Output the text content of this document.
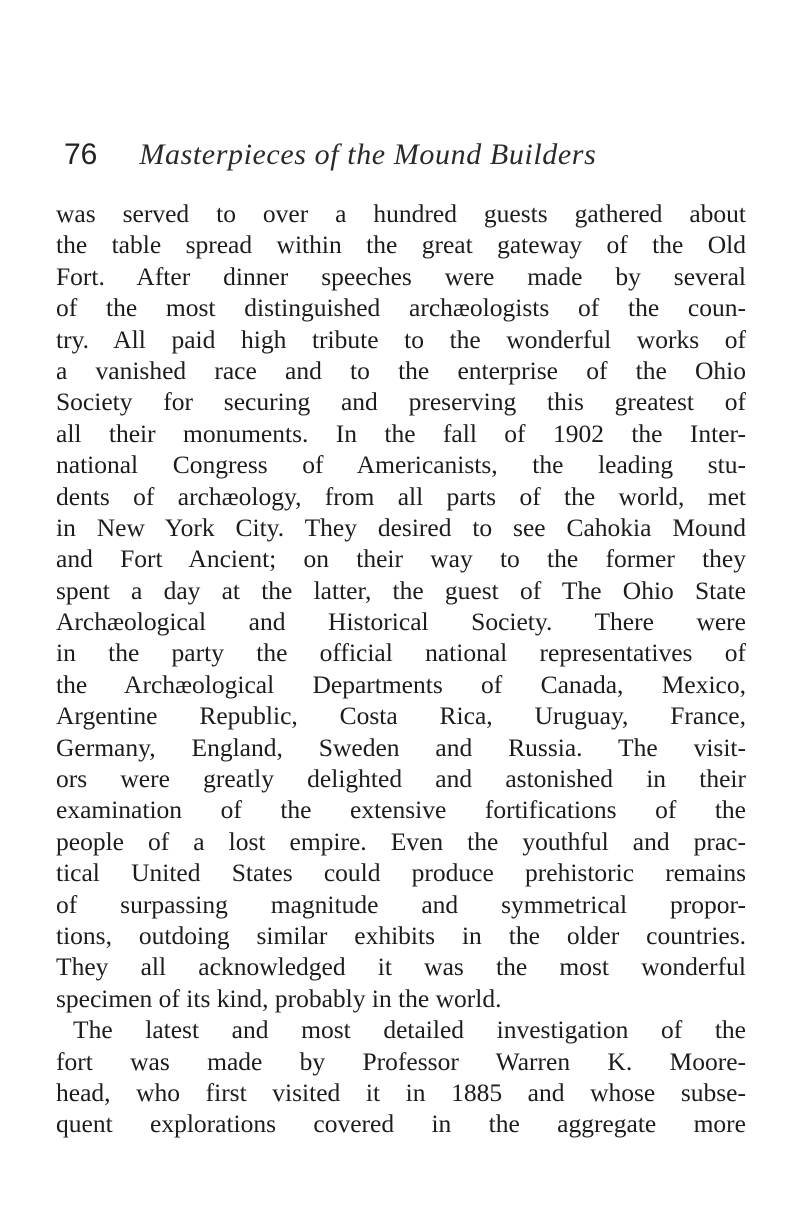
76 Masterpieces of the Mound Builders
was served to over a hundred guests gathered about
the table spread within the great gateway of the Old
Fort. After dinner speeches were made by several
of the most distinguished archæologists of the coun-
try. All paid high tribute to the wonderful works of
a vanished race and to the enterprise of the Ohio
Society for securing and preserving this greatest of
all their monuments. In the fall of 1902 the Inter-
national Congress of Americanists, the leading stu-
dents of archæology, from all parts of the world, met
in New York City. They desired to see Cahokia Mound
and Fort Ancient; on their way to the former they
spent a day at the latter, the guest of The Ohio State
Archæological and Historical Society. There were
in the party the official national representatives of
the Archæological Departments of Canada, Mexico,
Argentine Republic, Costa Rica, Uruguay, France,
Germany, England, Sweden and Russia. The visit-
ors were greatly delighted and astonished in their
examination of the extensive fortifications of the
people of a lost empire. Even the youthful and prac-
tical United States could produce prehistoric remains
of surpassing magnitude and symmetrical propor-
tions, outdoing similar exhibits in the older countries.
They all acknowledged it was the most wonderful
specimen of its kind, probably in the world.
The latest and most detailed investigation of the
fort was made by Professor Warren K. Moore-
head, who first visited it in 1885 and whose subse-
quent explorations covered in the aggregate more
